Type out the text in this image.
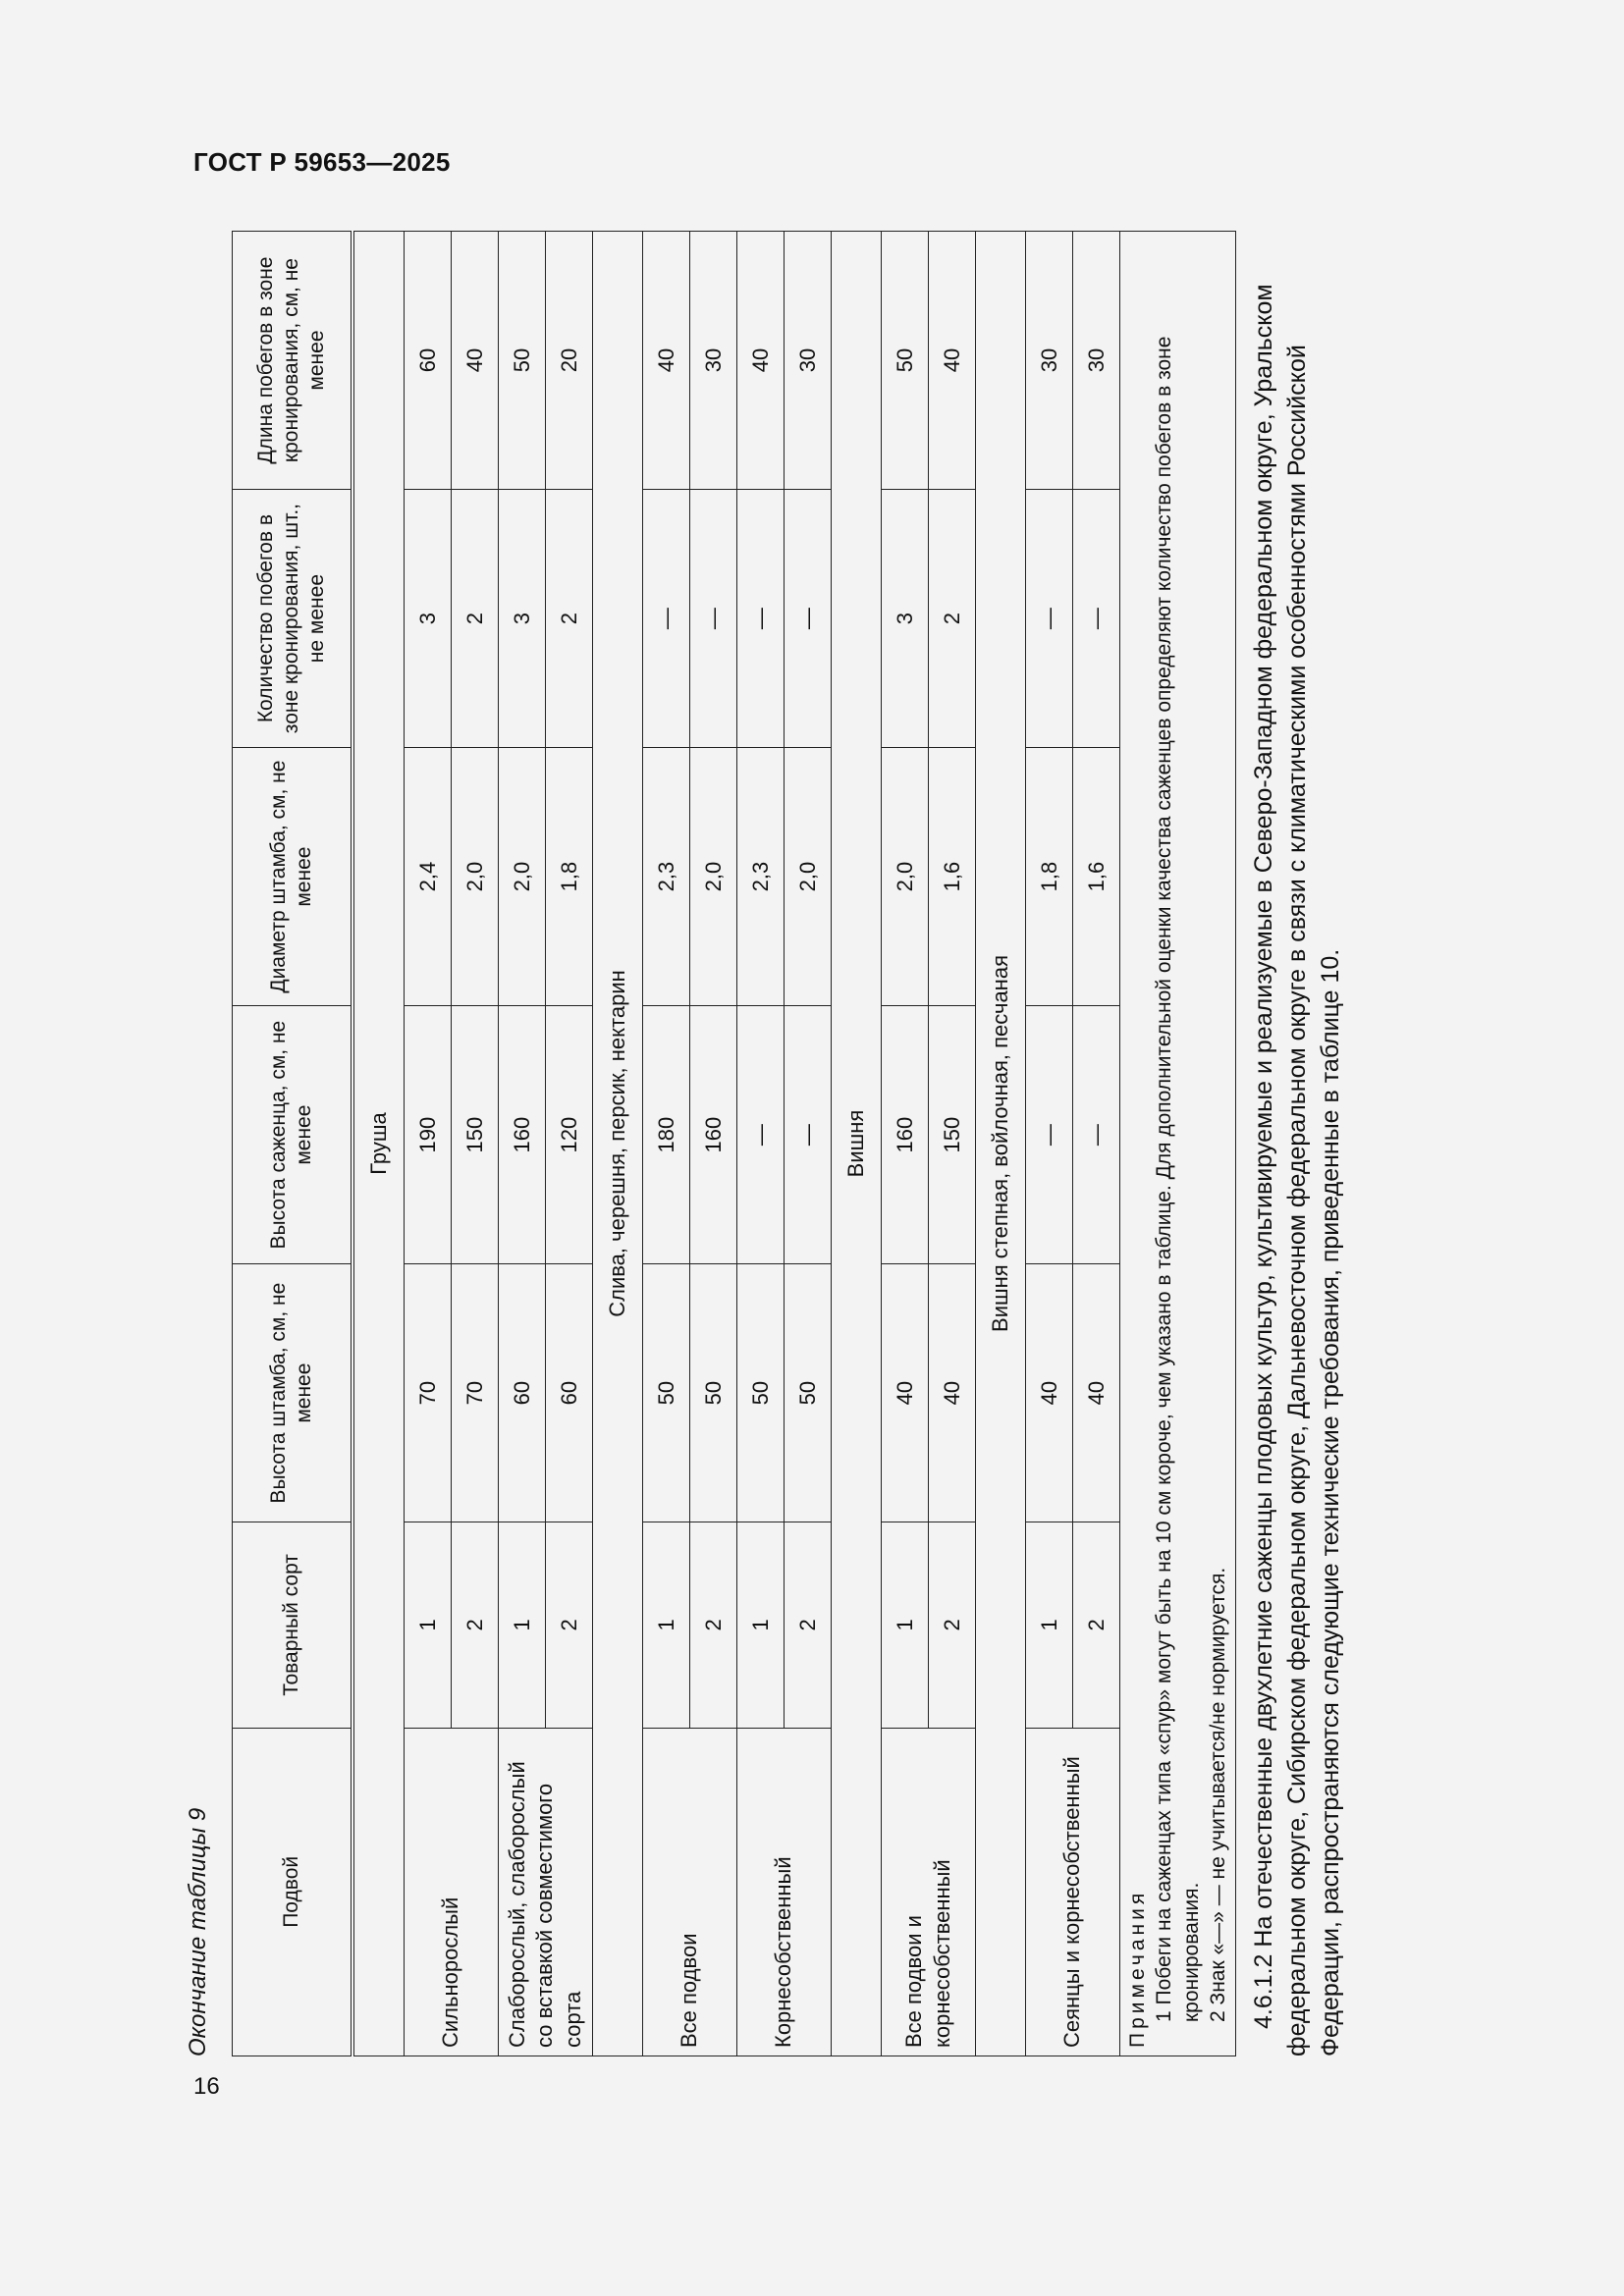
ГОСТ Р 59653—2025
16
Окончание таблицы 9	Подвой	Товарный сорт	Высота штамба, см, не менее	Высота саженца, см, не менее	Диаметр штамба, см, не менее	Количество побегов в зоне кронирования, шт., не менее	Длина побегов в зоне кронирования, см, не менее
Груша						
Сильнорослый	1	70	190	2,4	3	60
	2	70	150	2,0	2	40
Слаборослый, слаборослый со вставкой совместимого сорта	1	60	160	2,0	3	50
	2	60	120	1,8	2	20
Слива, черешня, персик, нектарин						
Все подвои	1	50	180	2,3	—	40
	2	50	160	2,0	—	30
Корнесобственный	1	50	—	2,3	—	40
	2	50	—	2,0	—	30
Вишня						
Все подвои и корнесобственный	1	40	160	2,0	3	50
	2	40	150	1,6	2	40
Вишня степная, войлочная, песчаная						
Сеянцы и корнесобственный	1	40	—	1,8	—	30
	2	40	—	1,6	—	30

Примечания 1 Побеги на саженцах типа «спур» могут быть на 10 см короче, чем указано в таблице. Для дополнительной оценки качества саженцев определяют количество побегов в зоне кронирования. 2 Знак «—» — не учитывается/не нормируется.						4.6.1.2 На отечественные двухлетние саженцы плодовых культур, культивируемые и реализуемые в Северо-Западном федеральном округе, Уральском федеральном округе, Сибирском федеральном округе, Дальневосточном федеральном округе в связи с климатическими особенностями Российской Федерации, распространяются следующие технические требования, приведенные в таблице 10.
